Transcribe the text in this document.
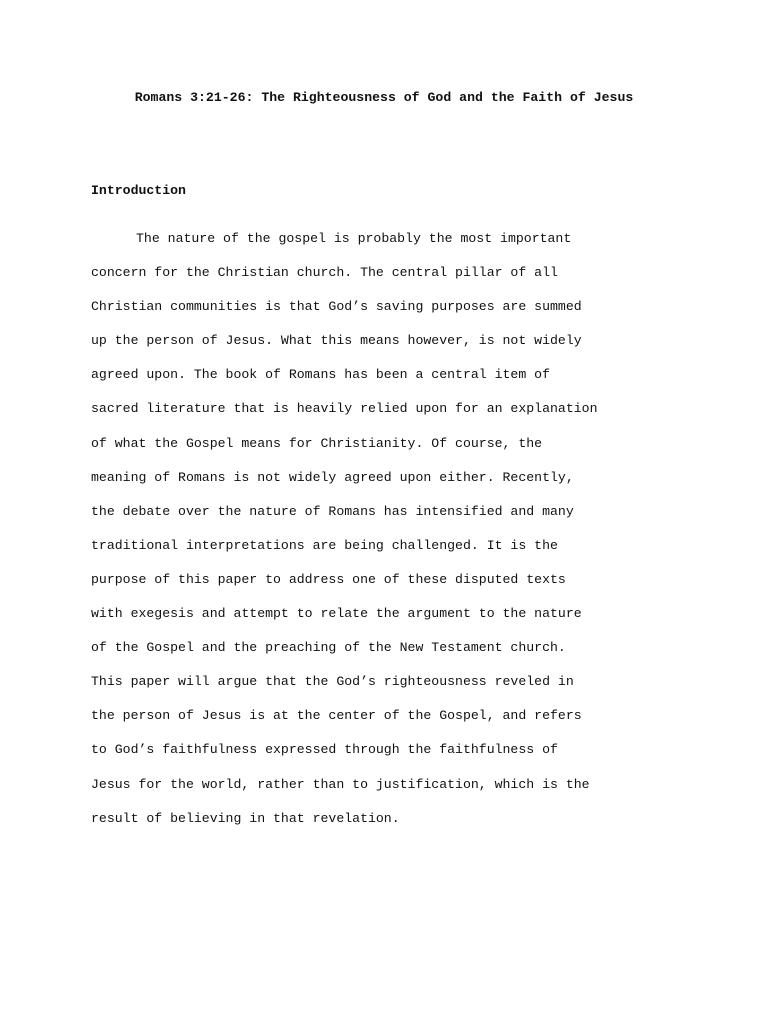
Romans 3:21-26: The Righteousness of God and the Faith of Jesus
Introduction
The nature of the gospel is probably the most important
concern for the Christian church. The central pillar of all
Christian communities is that God’s saving purposes are summed
up the person of Jesus. What this means however, is not widely
agreed upon. The book of Romans has been a central item of
sacred literature that is heavily relied upon for an explanation
of what the Gospel means for Christianity. Of course, the
meaning of Romans is not widely agreed upon either. Recently,
the debate over the nature of Romans has intensified and many
traditional interpretations are being challenged. It is the
purpose of this paper to address one of these disputed texts
with exegesis and attempt to relate the argument to the nature
of the Gospel and the preaching of the New Testament church.
This paper will argue that the God’s righteousness reveled in
the person of Jesus is at the center of the Gospel, and refers
to God’s faithfulness expressed through the faithfulness of
Jesus for the world, rather than to justification, which is the
result of believing in that revelation.
